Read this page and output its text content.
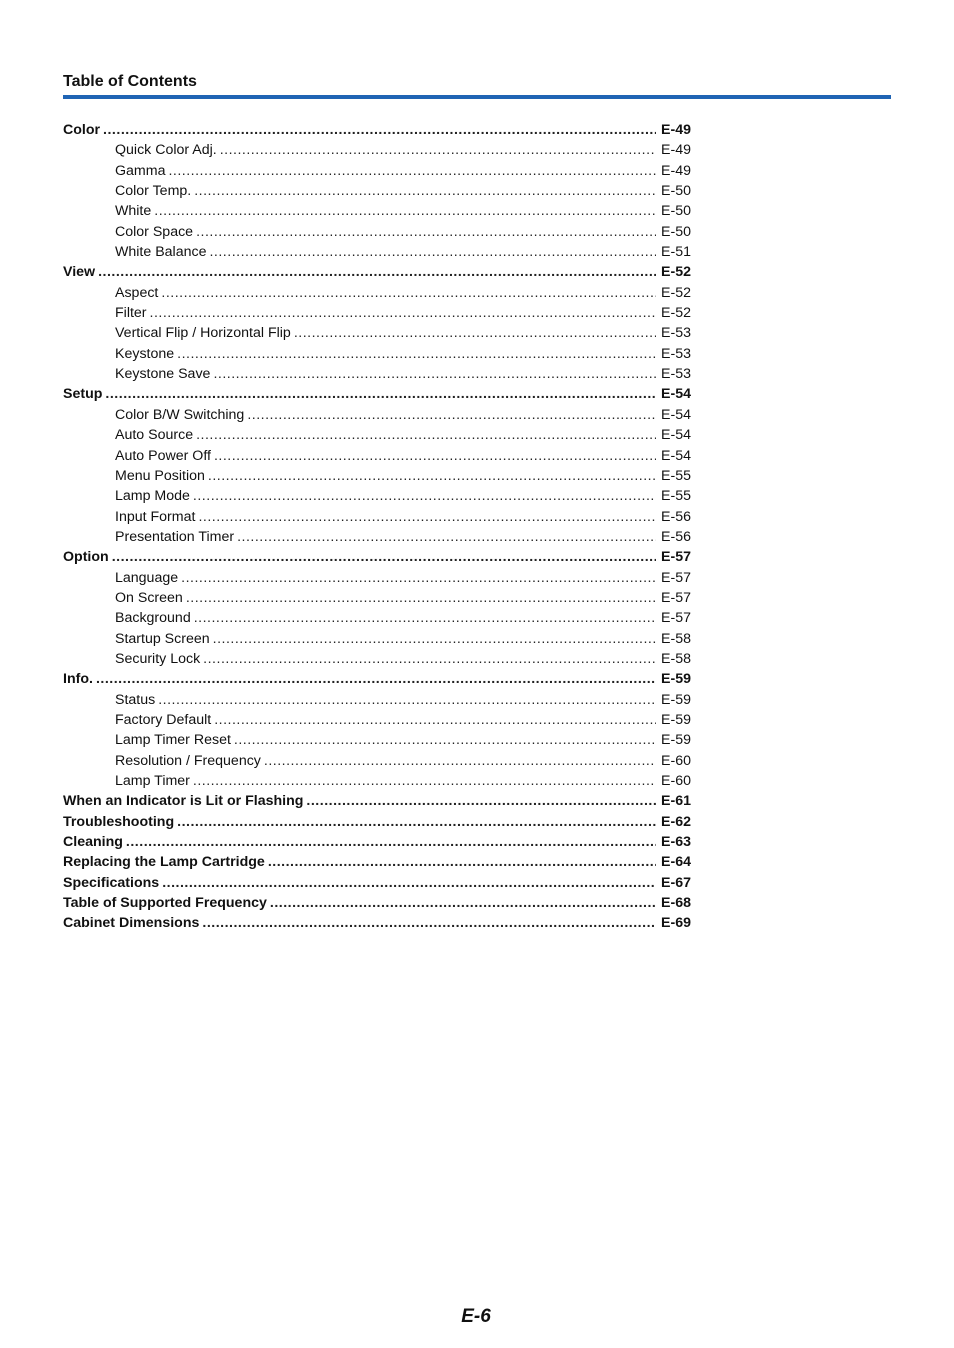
Table of Contents
Color .....	E-49
Quick Color Adj. .....	E-49
Gamma .....	E-49
Color Temp. .....	E-50
White .....	E-50
Color Space .....	E-50
White Balance .....	E-51
View .....	E-52
Aspect .....	E-52
Filter .....	E-52
Vertical Flip / Horizontal Flip .....	E-53
Keystone .....	E-53
Keystone Save .....	E-53
Setup .....	E-54
Color B/W Switching .....	E-54
Auto Source .....	E-54
Auto Power Off .....	E-54
Menu Position .....	E-55
Lamp Mode .....	E-55
Input Format .....	E-56
Presentation Timer .....	E-56
Option .....	E-57
Language .....	E-57
On Screen .....	E-57
Background .....	E-57
Startup Screen .....	E-58
Security Lock .....	E-58
Info. .....	E-59
Status .....	E-59
Factory Default .....	E-59
Lamp Timer Reset .....	E-59
Resolution / Frequency .....	E-60
Lamp Timer .....	E-60
When an Indicator is Lit or Flashing .....	E-61
Troubleshooting .....	E-62
Cleaning .....	E-63
Replacing the Lamp Cartridge .....	E-64
Specifications .....	E-67
Table of Supported Frequency .....	E-68
Cabinet Dimensions .....	E-69
E-6
